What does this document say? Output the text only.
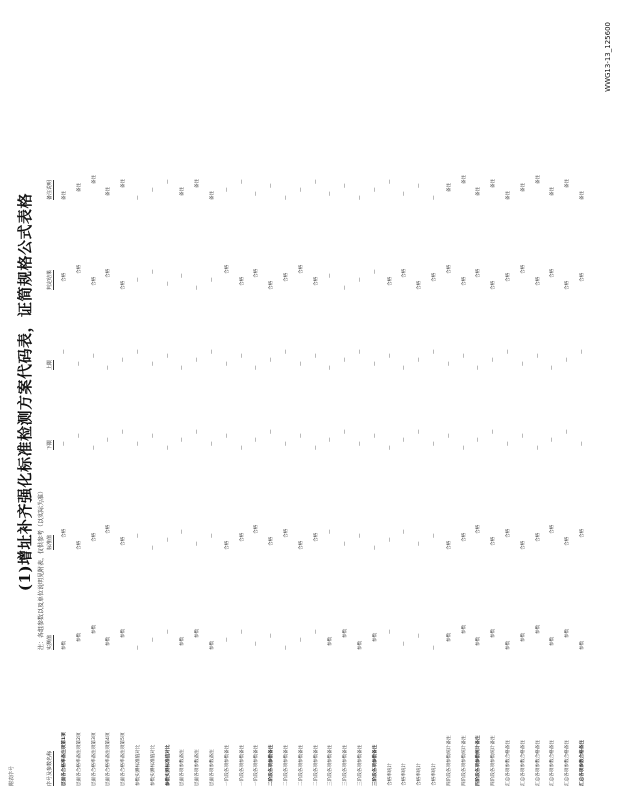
附表序号
(1)增址补齐强化标准检测方案代码表，证简规格公式表格 注：各组参数以及单位说明见附表，仅供参考（以实际为准）
序号及参数名称
实测值
标准值
下限
上限
判定结果
备注说明
层面各合格率备注项第1项
参数
合格
—
—
合格
备注
层面各合格率备注项第2项
参数
合格
—
—
合格
备注
层面各合格率备注项第3项
参数
合格
—
—
合格
备注
层面各合格率备注项第4项
参数
合格
—
—
合格
备注
层面各合格率备注项第5项
参数
合格
—
—
合格
备注
参数实测标准值对比
—
—
—
—
—
—
参数实测标准值对比
—
—
—
—
—
—
参数实测标准值对比
—
—
—
—
—
—
层面各项参数备注
参数
—
—
—
—
备注
层面各项参数备注
参数
—
—
—
—
备注
层面各项参数备注
参数
—
—
—
—
备注
一阶段各项参数备注
—
合格
—
—
合格
—
一阶段各项参数备注
—
合格
—
—
合格
—
一阶段各项参数备注
—
合格
—
—
合格
—
二阶段各项参数备注
—
合格
—
—
合格
—
二阶段各项参数备注
—
合格
—
—
合格
—
二阶段各项参数备注
—
合格
—
—
合格
—
二阶段各项参数备注
—
合格
—
—
合格
—
三阶段各项参数备注
参数
—
—
—
—
—
三阶段各项参数备注
参数
—
—
—
—
—
三阶段各项参数备注
参数
—
—
—
—
—
三阶段各项参数备注
参数
—
—
—
—
—
合格率统计
—
—
—
—
合格
—
合格率统计
—
—
—
—
合格
—
合格率统计
—
—
—
—
合格
—
合格率统计
—
—
—
—
合格
—
四阶段各项参数统计备注
参数
合格
—
—
合格
备注
四阶段各项参数统计备注
参数
合格
—
—
合格
备注
四阶段各项参数统计备注
参数
合格
—
—
合格
备注
四阶段各项参数统计备注
参数
合格
—
—
合格
备注
汇总各项参数合格备注
参数
合格
—
—
合格
备注
汇总各项参数合格备注
参数
合格
—
—
合格
备注
汇总各项参数合格备注
参数
合格
—
—
合格
备注
汇总各项参数合格备注
参数
合格
—
—
合格
备注
汇总各项参数合格备注
参数
合格
—
—
合格
备注
汇总各项参数合格备注
参数
合格
—
—
合格
备注
WWG13-13_125600
